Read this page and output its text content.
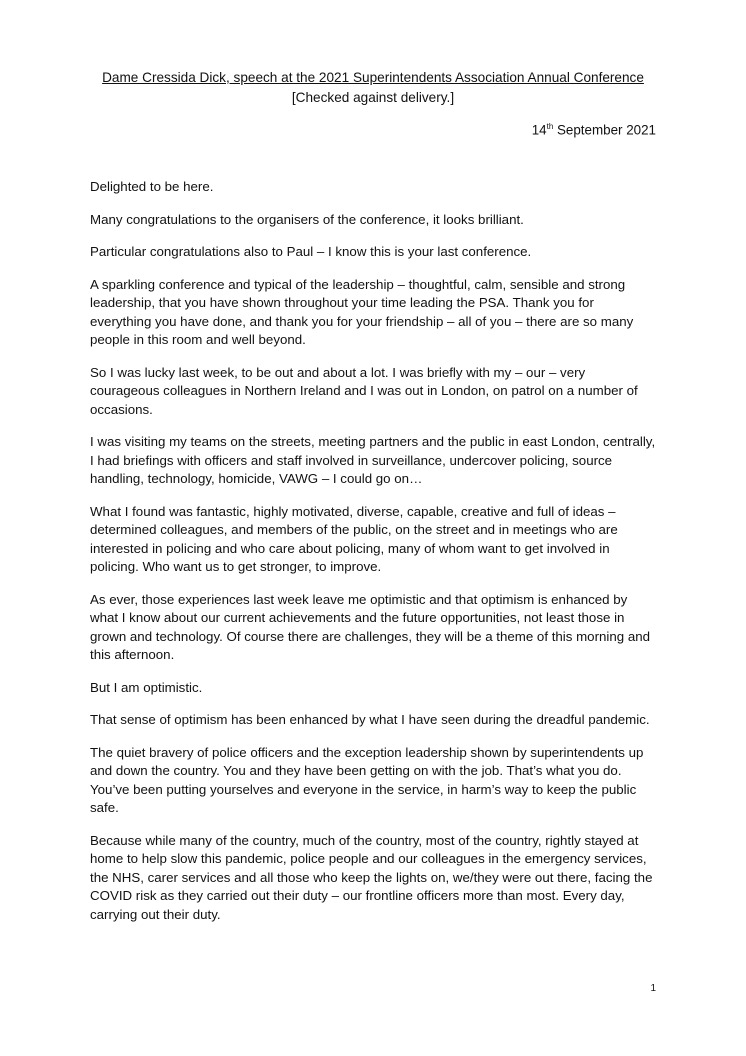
Dame Cressida Dick, speech at the 2021 Superintendents Association Annual Conference
[Checked against delivery.]
14th September 2021

Delighted to be here.

Many congratulations to the organisers of the conference, it looks brilliant.

Particular congratulations also to Paul – I know this is your last conference.

A sparkling conference and typical of the leadership – thoughtful, calm, sensible and strong leadership, that you have shown throughout your time leading the PSA. Thank you for everything you have done, and thank you for your friendship – all of you – there are so many people in this room and well beyond.

So I was lucky last week, to be out and about a lot. I was briefly with my – our – very courageous colleagues in Northern Ireland and I was out in London, on patrol on a number of occasions.

I was visiting my teams on the streets, meeting partners and the public in east London, centrally, I had briefings with officers and staff involved in surveillance, undercover policing, source handling, technology, homicide, VAWG – I could go on…

What I found was fantastic, highly motivated, diverse, capable, creative and full of ideas – determined colleagues, and members of the public, on the street and in meetings who are interested in policing and who care about policing, many of whom want to get involved in policing. Who want us to get stronger, to improve.

As ever, those experiences last week leave me optimistic and that optimism is enhanced by what I know about our current achievements and the future opportunities, not least those in grown and technology. Of course there are challenges, they will be a theme of this morning and this afternoon.

But I am optimistic.

That sense of optimism has been enhanced by what I have seen during the dreadful pandemic.

The quiet bravery of police officers and the exception leadership shown by superintendents up and down the country. You and they have been getting on with the job. That’s what you do. You’ve been putting yourselves and everyone in the service, in harm’s way to keep the public safe.

Because while many of the country, much of the country, most of the country, rightly stayed at home to help slow this pandemic, police people and our colleagues in the emergency services, the NHS, carer services and all those who keep the lights on, we/they were out there, facing the COVID risk as they carried out their duty – our frontline officers more than most. Every day, carrying out their duty.

1
